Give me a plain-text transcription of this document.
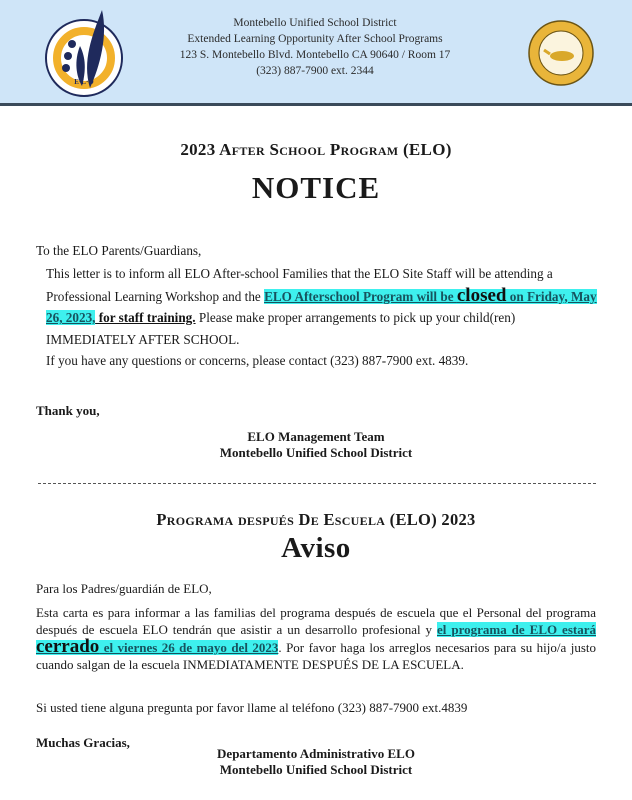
E·L·O
Montebello Unified School District
Extended Learning Opportunity After School Programs
123 S. Montebello Blvd. Montebello CA 90640 / Room 17
(323) 887-7900 ext. 2344
2023 After School Program (ELO)
NOTICE
To the ELO Parents/Guardians,
This letter is to inform all ELO After-school Families that the ELO Site Staff will be attending a Professional Learning Workshop and the ELO Afterschool Program will be closed on Friday, May 26, 2023, for staff training. Please make proper arrangements to pick up your child(ren) IMMEDIATELY AFTER SCHOOL.
If you have any questions or concerns, please contact (323) 887-7900 ext. 4839.
Thank you,
ELO Management Team
Montebello Unified School District
Programa después De Escuela (ELO) 2023
Aviso
Para los Padres/guardián de ELO,
Esta carta es para informar a las familias del programa después de escuela que el Personal del programa después de escuela ELO tendrán que asistir a un desarrollo profesional y el programa de ELO estará cerrado el viernes 26 de mayo del 2023. Por favor haga los arreglos necesarios para su hijo/a justo cuando salgan de la escuela INMEDIATAMENTE DESPUÉS DE LA ESCUELA.
Si usted tiene alguna pregunta por favor llame al teléfono (323) 887-7900 ext.4839
Muchas Gracias,
Departamento Administrativo ELO
Montebello Unified School District
